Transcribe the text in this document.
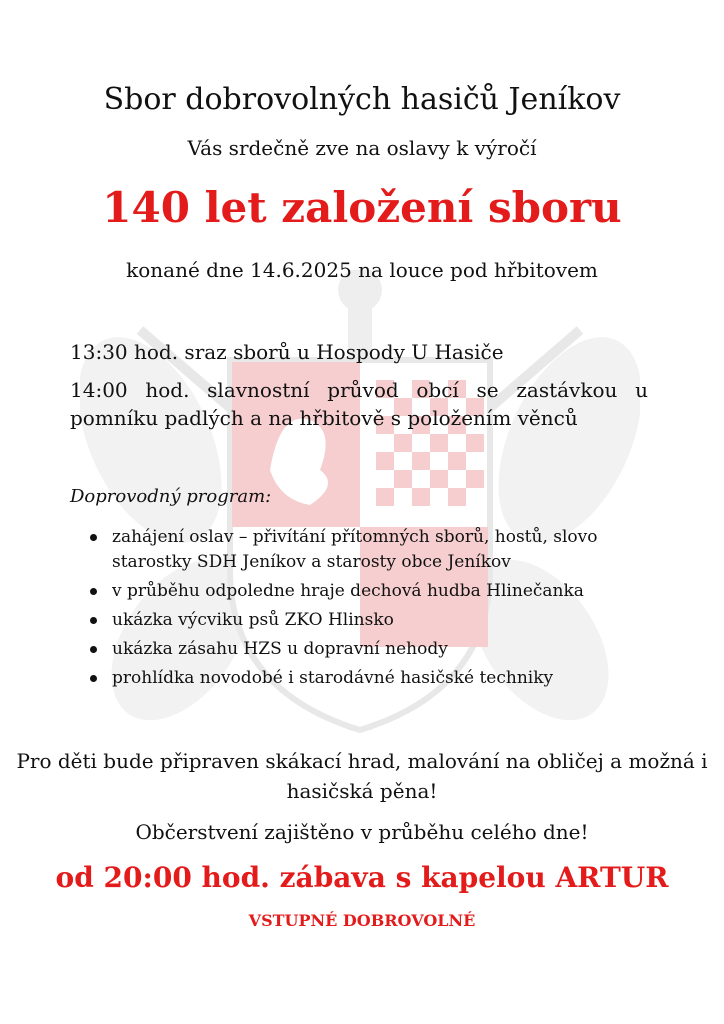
Sbor dobrovolných hasičů Jeníkov
Vás srdečně zve na oslavy k výročí
140 let založení sboru
konané dne 14.6.2025 na louce pod hřbitovem
13:30 hod. sraz sborů u Hospody U Hasiče
14:00 hod. slavnostní průvod obcí se zastávkou u pomníku padlých a na hřbitově s položením věnců
Doprovodný program:
zahájení oslav – přivítání přítomných sborů, hostů, slovo starostky SDH Jeníkov a starosty obce Jeníkov
v průběhu odpoledne hraje dechová hudba Hlinečanka
ukázka výcviku psů ZKO Hlinsko
ukázka zásahu HZS u dopravní nehody
prohlídka novodobé i starodávné hasičské techniky
Pro děti bude připraven skákací hrad, malování na obličej a možná i hasičská pěna!
Občerstvení zajištěno v průběhu celého dne!
od 20:00 hod. zábava s kapelou ARTUR
VSTUPNÉ DOBROVOLNÉ
